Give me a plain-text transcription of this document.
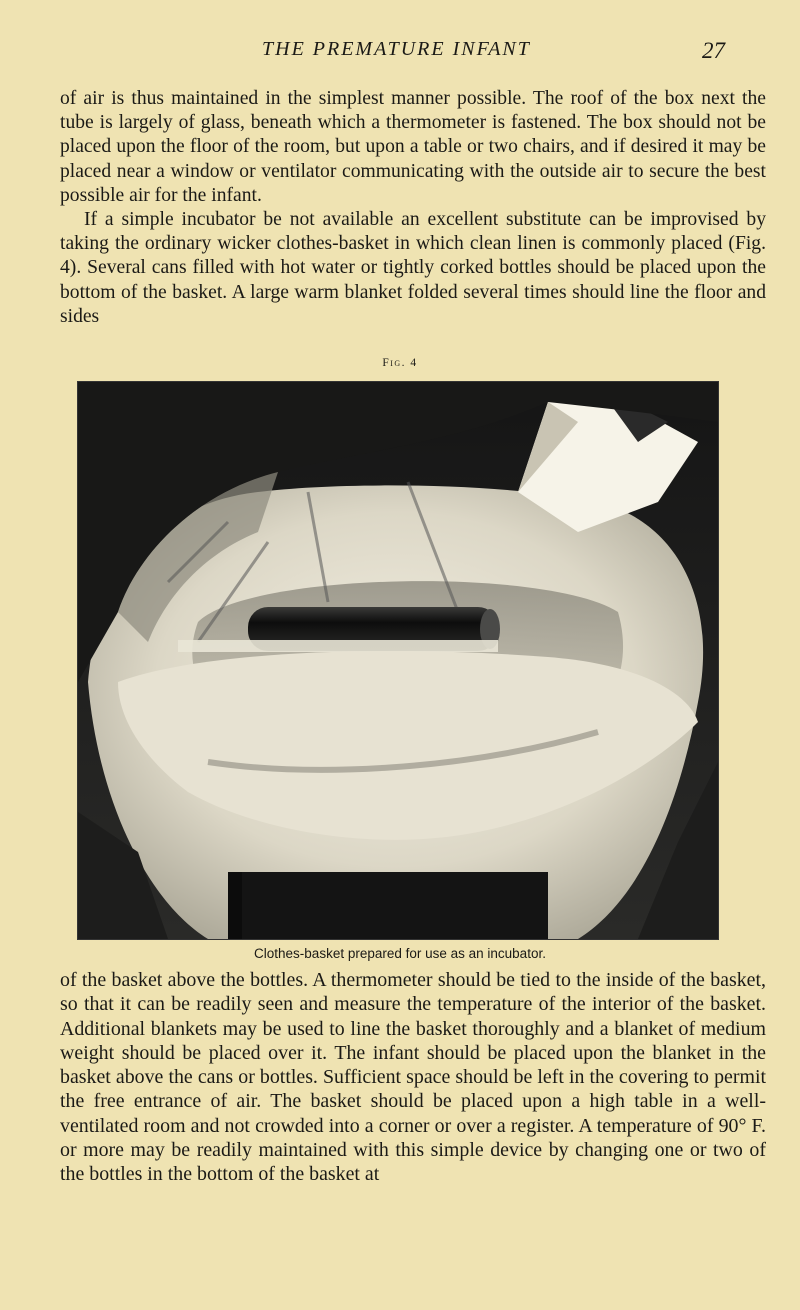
THE PREMATURE INFANT	27

of air is thus maintained in the simplest manner possible. The roof of the box next the tube is largely of glass, beneath which a thermometer is fastened. The box should not be placed upon the floor of the room, but upon a table or two chairs, and if desired it may be placed near a window or ventilator communicating with the outside air to secure the best possible air for the infant.

If a simple incubator be not available an excellent substitute can be improvised by taking the ordinary wicker clothes-basket in which clean linen is commonly placed (Fig. 4). Several cans filled with hot water or tightly corked bottles should be placed upon the bottom of the basket. A large warm blanket folded several times should line the floor and sides

Fig. 4
Clothes-basket prepared for use as an incubator.

of the basket above the bottles. A thermometer should be tied to the inside of the basket, so that it can be readily seen and measure the temperature of the interior of the basket. Additional blankets may be used to line the basket thoroughly and a blanket of medium weight should be placed over it. The infant should be placed upon the blanket in the basket above the cans or bottles. Sufficient space should be left in the covering to permit the free entrance of air. The basket should be placed upon a high table in a well-ventilated room and not crowded into a corner or over a register. A temperature of 90° F. or more may be readily maintained with this simple device by changing one or two of the bottles in the bottom of the basket at
